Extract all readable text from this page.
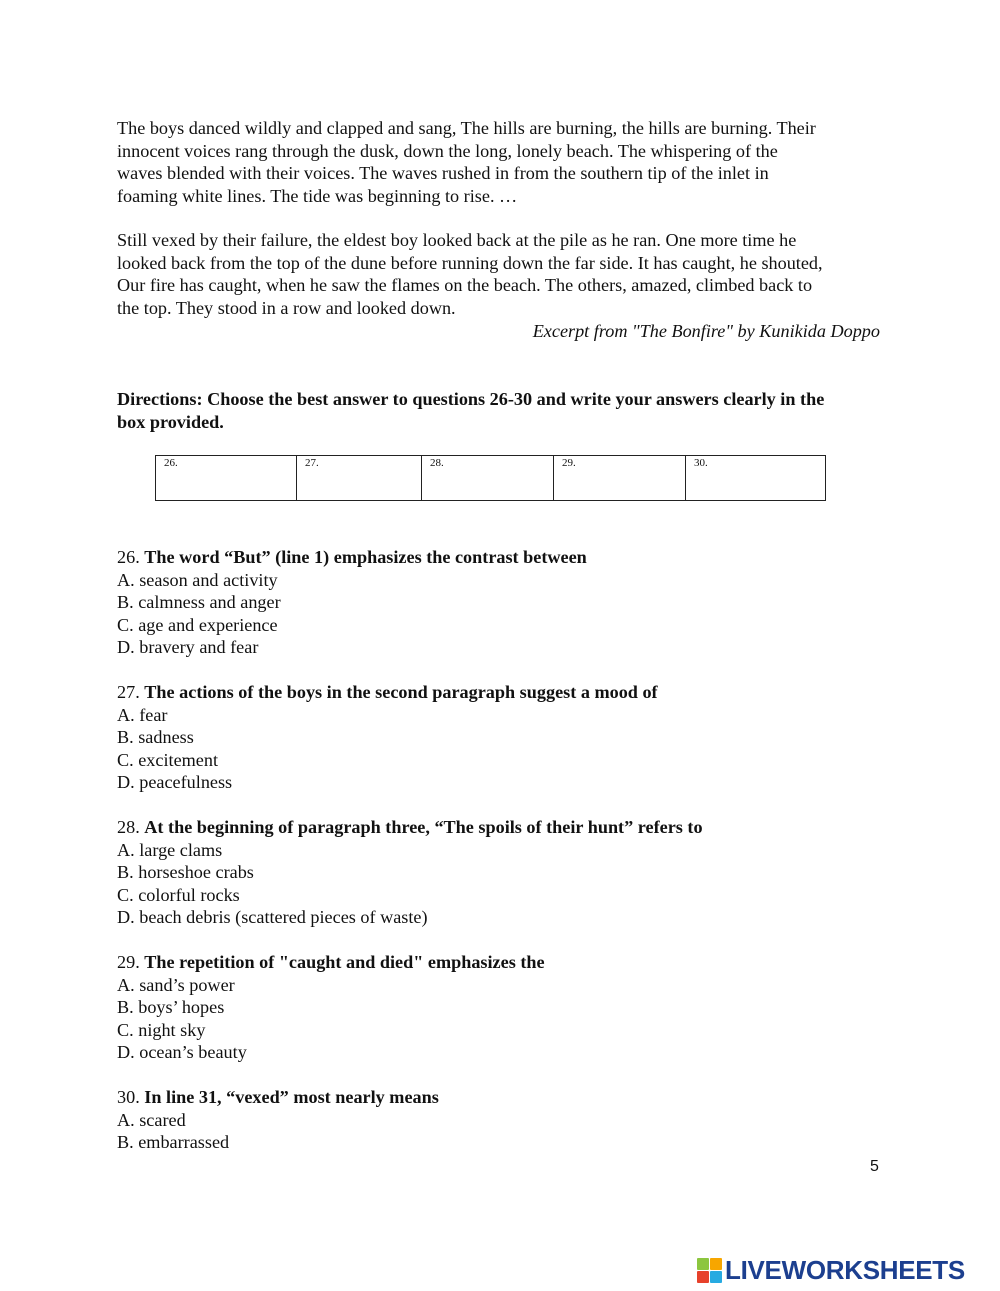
The boys danced wildly and clapped and sang, The hills are burning, the hills are burning. Their
innocent voices rang through the dusk, down the long, lonely beach. The whispering of the
waves blended with their voices. The waves rushed in from the southern tip of the inlet in
foaming white lines. The tide was beginning to rise. …

Still vexed by their failure, the eldest boy looked back at the pile as he ran. One more time he
looked back from the top of the dune before running down the far side. It has caught, he shouted,
Our fire has caught, when he saw the flames on the beach. The others, amazed, climbed back to
the top. They stood in a row and looked down.

Excerpt from "The Bonfire" by Kunikida Doppo
Directions: Choose the best answer to questions 26-30 and write your answers clearly in the
box provided.
26.	27.	28.	29.	30.
26. The word “But” (line 1) emphasizes the contrast between
A. season and activity
B. calmness and anger
C. age and experience
D. bravery and fear
27. The actions of the boys in the second paragraph suggest a mood of
A. fear
B. sadness
C. excitement
D. peacefulness
28. At the beginning of paragraph three, “The spoils of their hunt” refers to
A. large clams
B. horseshoe crabs
C. colorful rocks
D. beach debris (scattered pieces of waste)
29. The repetition of "caught and died" emphasizes the
A. sand’s power
B. boys’ hopes
C. night sky
D. ocean’s beauty
30. In line 31, “vexed” most nearly means
A. scared
B. embarrassed
5
LIVEWORKSHEETS
